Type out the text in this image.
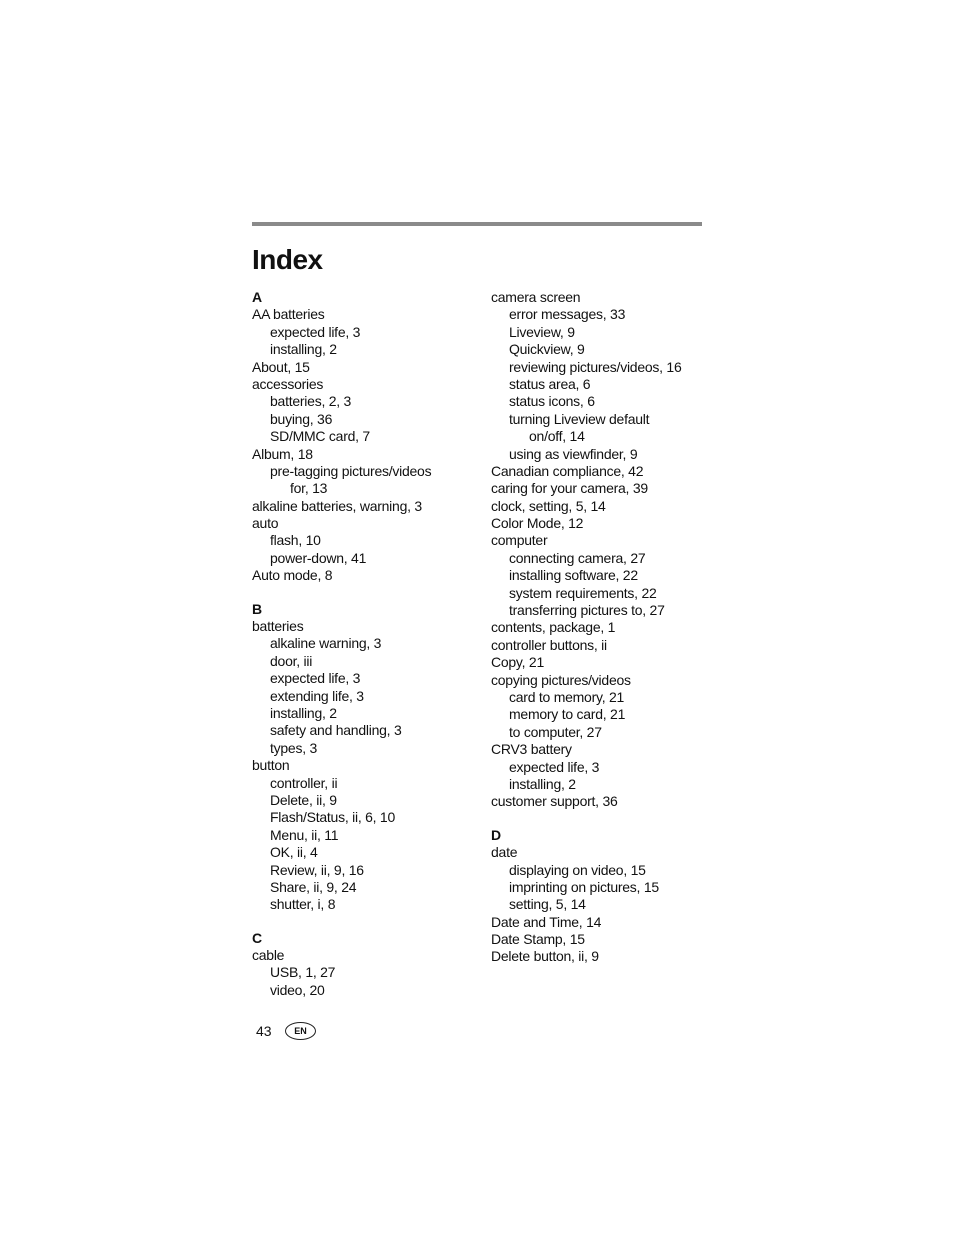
Index
A
AA batteries
expected life, 3
installing, 2
About, 15
accessories
batteries, 2, 3
buying, 36
SD/MMC card, 7
Album, 18
pre-tagging pictures/videos
for, 13
alkaline batteries, warning, 3
auto
flash, 10
power-down, 41
Auto mode, 8
B
batteries
alkaline warning, 3
door, iii
expected life, 3
extending life, 3
installing, 2
safety and handling, 3
types, 3
button
controller, ii
Delete, ii, 9
Flash/Status, ii, 6, 10
Menu, ii, 11
OK, ii, 4
Review, ii, 9, 16
Share, ii, 9, 24
shutter, i, 8
C
cable
USB, 1, 27
video, 20
camera screen
error messages, 33
Liveview, 9
Quickview, 9
reviewing pictures/videos, 16
status area, 6
status icons, 6
turning Liveview default
on/off, 14
using as viewfinder, 9
Canadian compliance, 42
caring for your camera, 39
clock, setting, 5, 14
Color Mode, 12
computer
connecting camera, 27
installing software, 22
system requirements, 22
transferring pictures to, 27
contents, package, 1
controller buttons, ii
Copy, 21
copying pictures/videos
card to memory, 21
memory to card, 21
to computer, 27
CRV3 battery
expected life, 3
installing, 2
customer support, 36
D
date
displaying on video, 15
imprinting on pictures, 15
setting, 5, 14
Date and Time, 14
Date Stamp, 15
Delete button, ii, 9
43	EN
